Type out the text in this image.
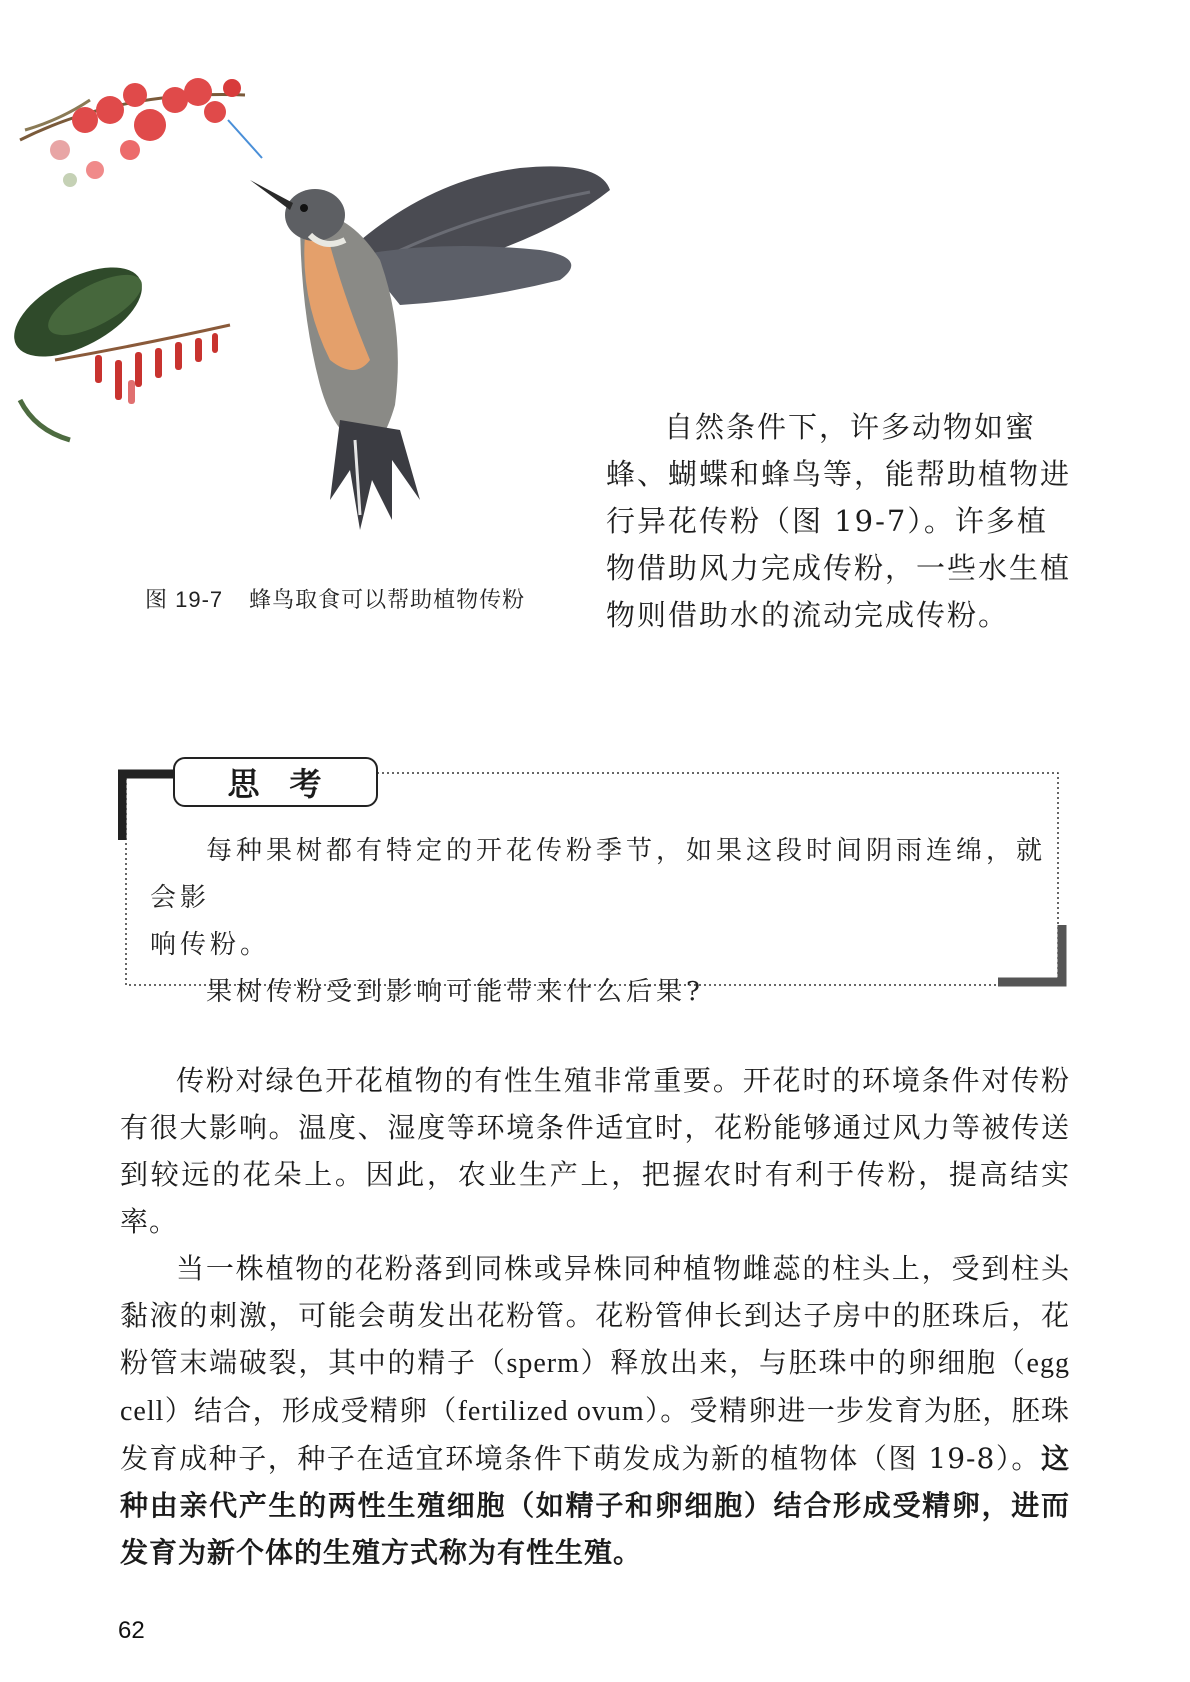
图 19-7 蜂鸟取食可以帮助植物传粉

自然条件下，许多动物如蜜蜂、蝴蝶和蜂鸟等，能帮助植物进行异花传粉（图 19-7）。许多植物借助风力完成传粉，一些水生植物则借助水的流动完成传粉。

思考

每种果树都有特定的开花传粉季节，如果这段时间阴雨连绵，就会影

响传粉。

果树传粉受到影响可能带来什么后果?

传粉对绿色开花植物的有性生殖非常重要。开花时的环境条件对传粉有很大影响。温度、湿度等环境条件适宜时，花粉能够通过风力等被传送到较远的花朵上。因此，农业生产上，把握农时有利于传粉，提高结实率。

当一株植物的花粉落到同株或异株同种植物雌蕊的柱头上，受到柱头黏液的刺激，可能会萌发出花粉管。花粉管伸长到达子房中的胚珠后，花粉管末端破裂，其中的精子（sperm）释放出来，与胚珠中的卵细胞（egg cell）结合，形成受精卵（fertilized ovum）。受精卵进一步发育为胚，胚珠发育成种子，种子在适宜环境条件下萌发成为新的植物体（图 19-8）。这种由亲代产生的两性生殖细胞（如精子和卵细胞）结合形成受精卵，进而发育为新个体的生殖方式称为有性生殖。

62
